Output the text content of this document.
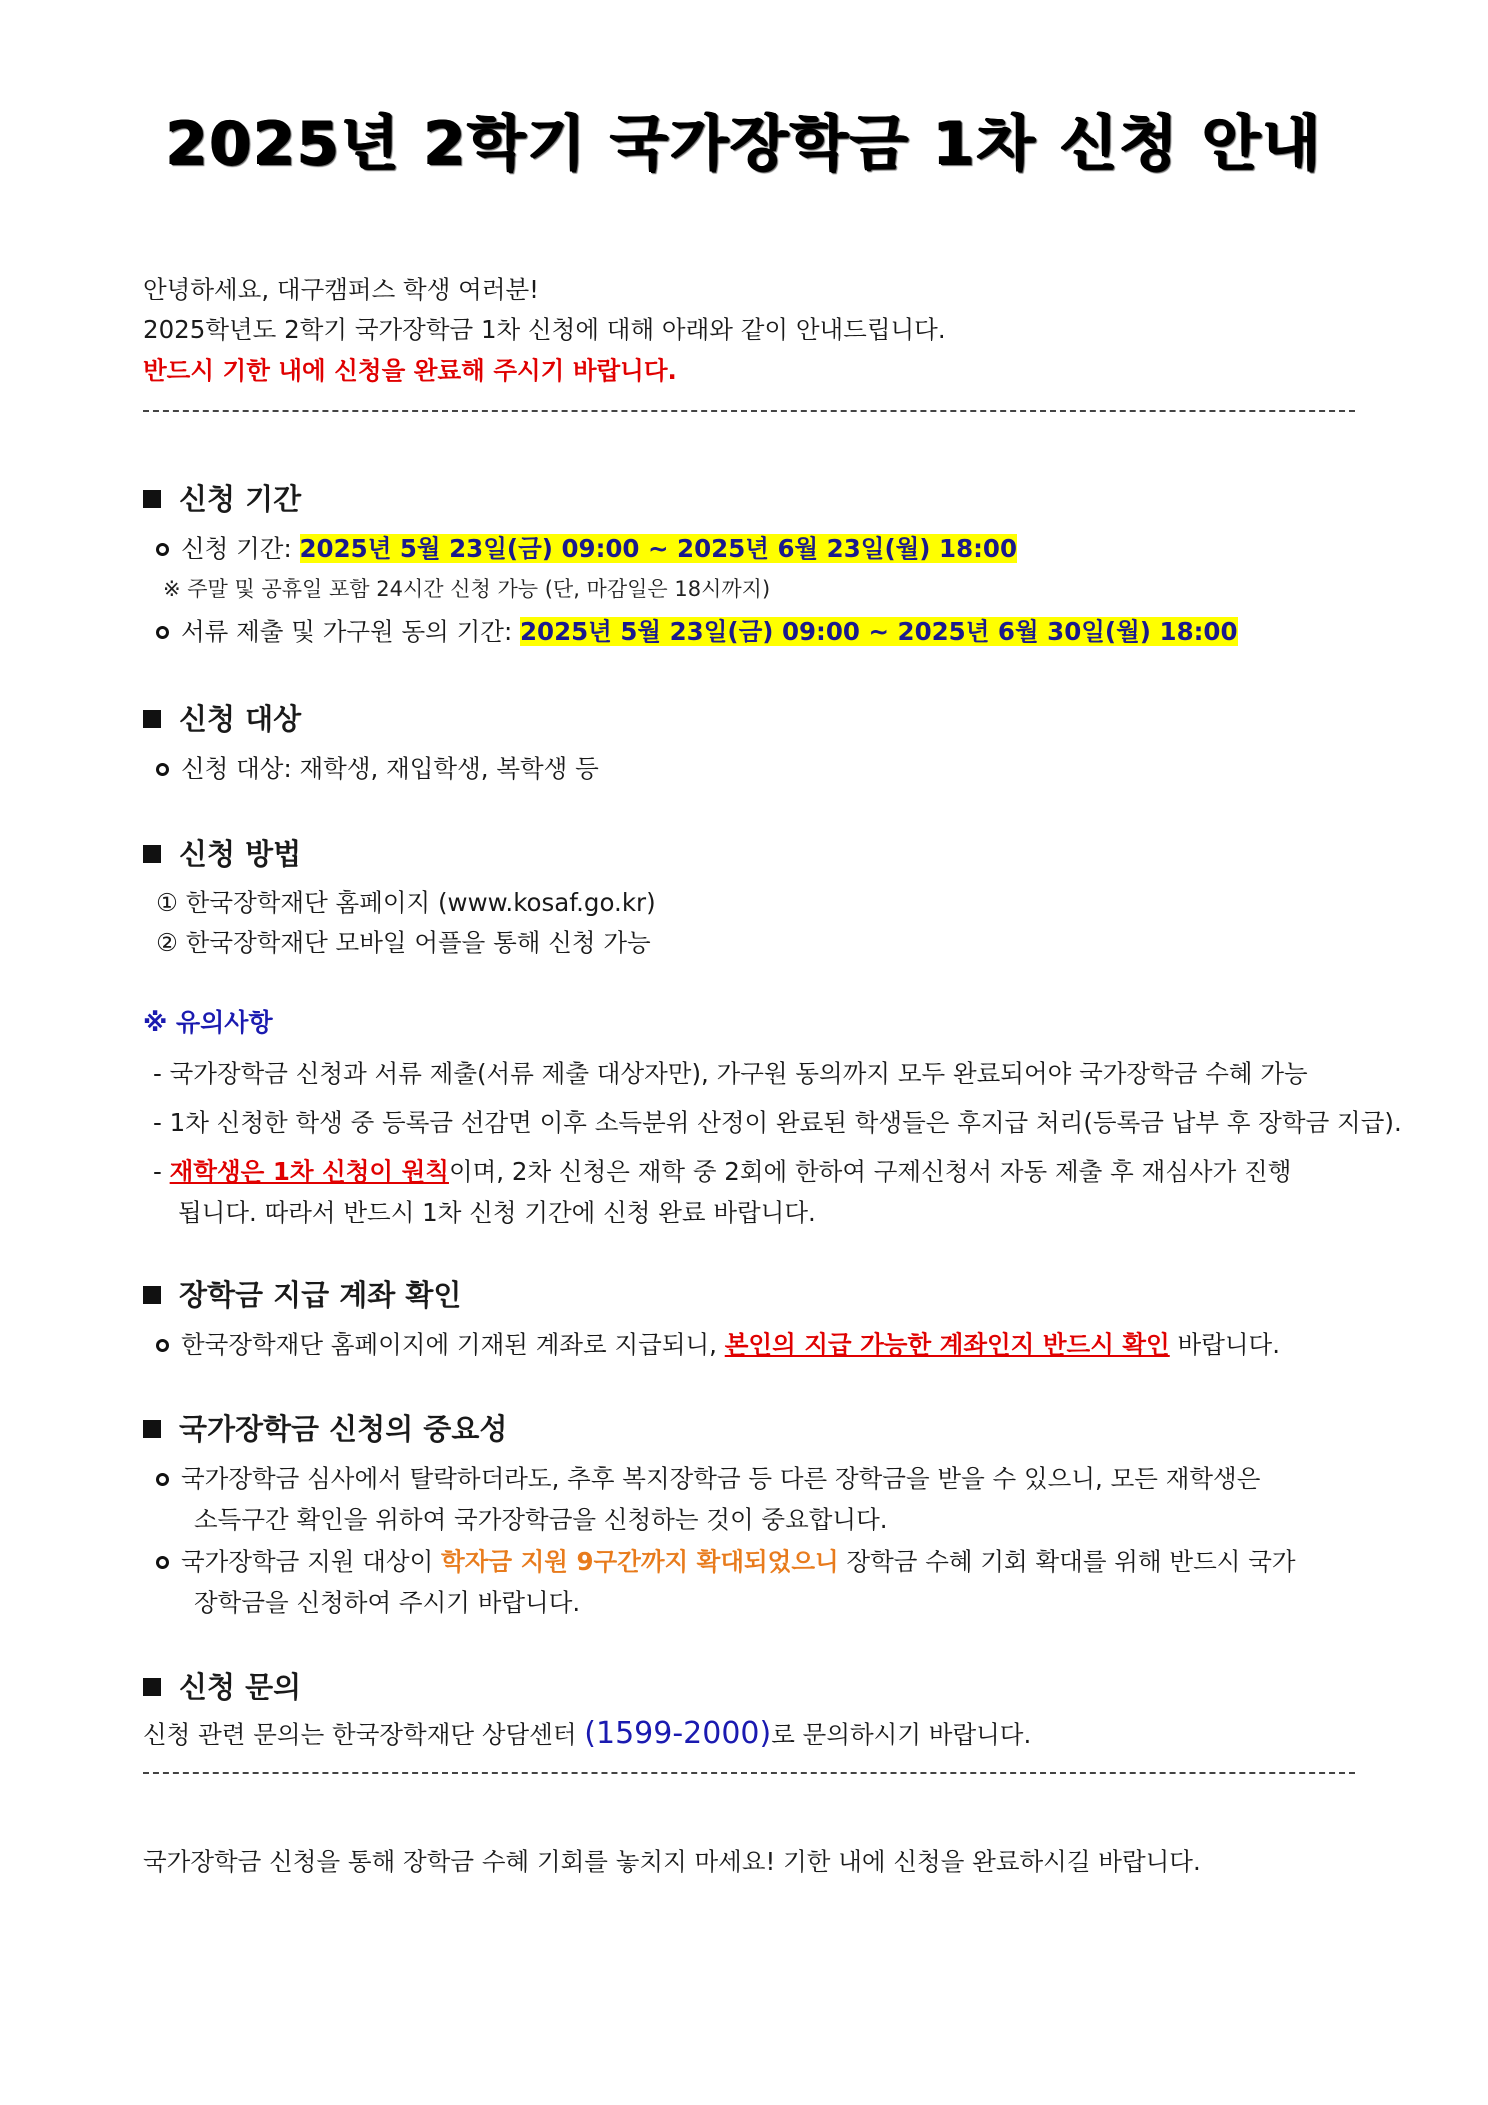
2025년 2학기 국가장학금 1차 신청 안내
안녕하세요, 대구캠퍼스 학생 여러분!
2025학년도 2학기 국가장학금 1차 신청에 대해 아래와 같이 안내드립니다.
반드시 기한 내에 신청을 완료해 주시기 바랍니다.
신청 기간
신청 기간: 2025년 5월 23일(금) 09:00 ~ 2025년 6월 23일(월) 18:00
※ 주말 및 공휴일 포함 24시간 신청 가능 (단, 마감일은 18시까지)
서류 제출 및 가구원 동의 기간: 2025년 5월 23일(금) 09:00 ~ 2025년 6월 30일(월) 18:00
신청 대상
신청 대상: 재학생, 재입학생, 복학생 등
신청 방법
① 한국장학재단 홈페이지 (www.kosaf.go.kr)
② 한국장학재단 모바일 어플을 통해 신청 가능
※ 유의사항
- 국가장학금 신청과 서류 제출(서류 제출 대상자만), 가구원 동의까지 모두 완료되어야 국가장학금 수혜 가능
- 1차 신청한 학생 중 등록금 선감면 이후 소득분위 산정이 완료된 학생들은 후지급 처리(등록금 납부 후 장학금 지급).
- 재학생은 1차 신청이 원칙이며, 2차 신청은 재학 중 2회에 한하여 구제신청서 자동 제출 후 재심사가 진행
됩니다. 따라서 반드시 1차 신청 기간에 신청 완료 바랍니다.
장학금 지급 계좌 확인
한국장학재단 홈페이지에 기재된 계좌로 지급되니, 본인의 지급 가능한 계좌인지 반드시 확인 바랍니다.
국가장학금 신청의 중요성
국가장학금 심사에서 탈락하더라도, 추후 복지장학금 등 다른 장학금을 받을 수 있으니, 모든 재학생은
소득구간 확인을 위하여 국가장학금을 신청하는 것이 중요합니다.
국가장학금 지원 대상이 학자금 지원 9구간까지 확대되었으니 장학금 수혜 기회 확대를 위해 반드시 국가
장학금을 신청하여 주시기 바랍니다.
신청 문의
신청 관련 문의는 한국장학재단 상담센터 (1599-2000)로 문의하시기 바랍니다.
국가장학금 신청을 통해 장학금 수혜 기회를 놓치지 마세요! 기한 내에 신청을 완료하시길 바랍니다.
